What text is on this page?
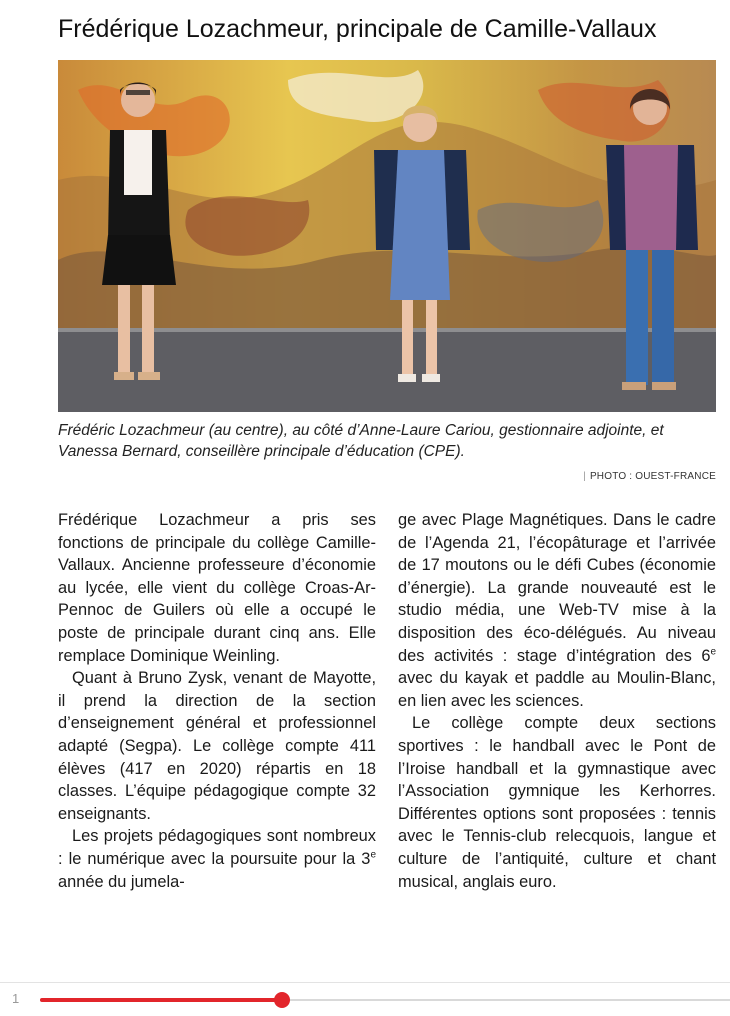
Frédérique Lozachmeur, principale de Camille-Vallaux
Frédéric Lozachmeur (au centre), au côté d’Anne-Laure Cariou, gestionnaire adjointe, et Vanessa Bernard, conseillère principale d’éducation (CPE).
| PHOTO : OUEST-FRANCE

Frédérique Lozachmeur a pris ses fonctions de principale du collège Camille-Vallaux. Ancienne professeure d’économie au lycée, elle vient du collège Croas-Ar-Pennoc de Guilers où elle a occupé le poste de principale durant cinq ans. Elle remplace Dominique Weinling.

Quant à Bruno Zysk, venant de Mayotte, il prend la direction de la section d’enseignement général et professionnel adapté (Segpa). Le collège compte 411 élèves (417 en 2020) répartis en 18 classes. L’équipe pédagogique compte 32 enseignants.

Les projets pédagogiques sont nombreux : le numérique avec la poursuite pour la 3e année du jumela-

ge avec Plage Magnétiques. Dans le cadre de l’Agenda 21, l’écopâturage et l’arrivée de 17 moutons ou le défi Cubes (économie d’énergie). La grande nouveauté est le studio média, une Web-TV mise à la disposition des éco-délégués. Au niveau des activités : stage d’intégration des 6e avec du kayak et paddle au Moulin-Blanc, en lien avec les sciences.

Le collège compte deux sections sportives : le handball avec le Pont de l’Iroise handball et la gymnastique avec l’Association gymnique les Kerhorres. Différentes options sont proposées : tennis avec le Tennis-club relecquois, langue et culture de l’antiquité, culture et chant musical, anglais euro.

1
